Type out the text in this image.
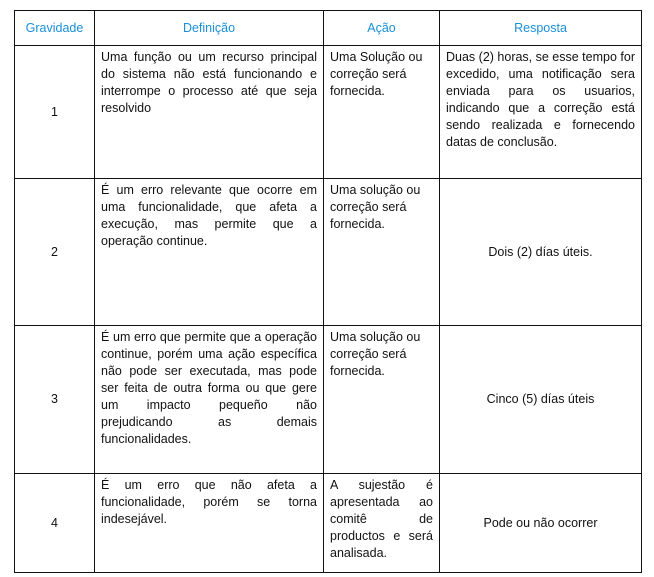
Gravidade	Definição	Ação	Resposta
1	Uma função ou um recurso principal do sistema não está funcionando e interrompe o processo até que seja resolvido	Uma Solução ou correção será fornecida.	Duas (2) horas, se esse tempo for excedido, uma notificação sera enviada para os usuarios, indicando que a correção está sendo realizada e fornecendo datas de conclusão.
2	É um erro relevante que ocorre em uma funcionalidade, que afeta a execução, mas permite que a operação continue.	Uma solução ou correção será fornecida.	Dois (2) días úteis.
3	É um erro que permite que a operação continue, porém uma ação específica não pode ser executada, mas pode ser feita de outra forma ou que gere um impacto pequeño não prejudicando as demais funcionalidades.	Uma solução ou correção será fornecida.	Cinco (5) días úteis
4	É um erro que não afeta a funcionalidade, porém se torna indesejável.	A sujestão é apresentada ao comitê de productos e será analisada.	Pode ou não ocorrer
